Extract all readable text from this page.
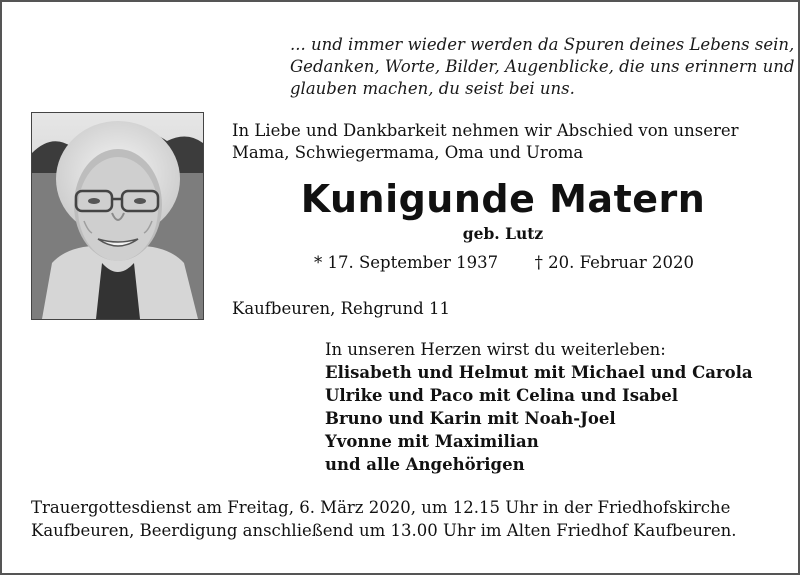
... und immer wieder werden da Spuren deines Lebens sein,
Gedanken, Worte, Bilder, Augenblicke, die uns erinnern und
glauben machen, du seist bei uns.
In Liebe und Dankbarkeit nehmen wir Abschied von unserer
Mama, Schwiegermama, Oma und Uroma
Kunigunde Matern
geb. Lutz
* 17. September 1937 † 20. Februar 2020
Kaufbeuren, Rehgrund 11
In unseren Herzen wirst du weiterleben:
Elisabeth und Helmut mit Michael und Carola
Ulrike und Paco mit Celina und Isabel
Bruno und Karin mit Noah-Joel
Yvonne mit Maximilian
und alle Angehörigen
Trauergottesdienst am Freitag, 6. März 2020, um 12.15 Uhr in der Friedhofskirche
Kaufbeuren, Beerdigung anschließend um 13.00 Uhr im Alten Friedhof Kaufbeuren.
